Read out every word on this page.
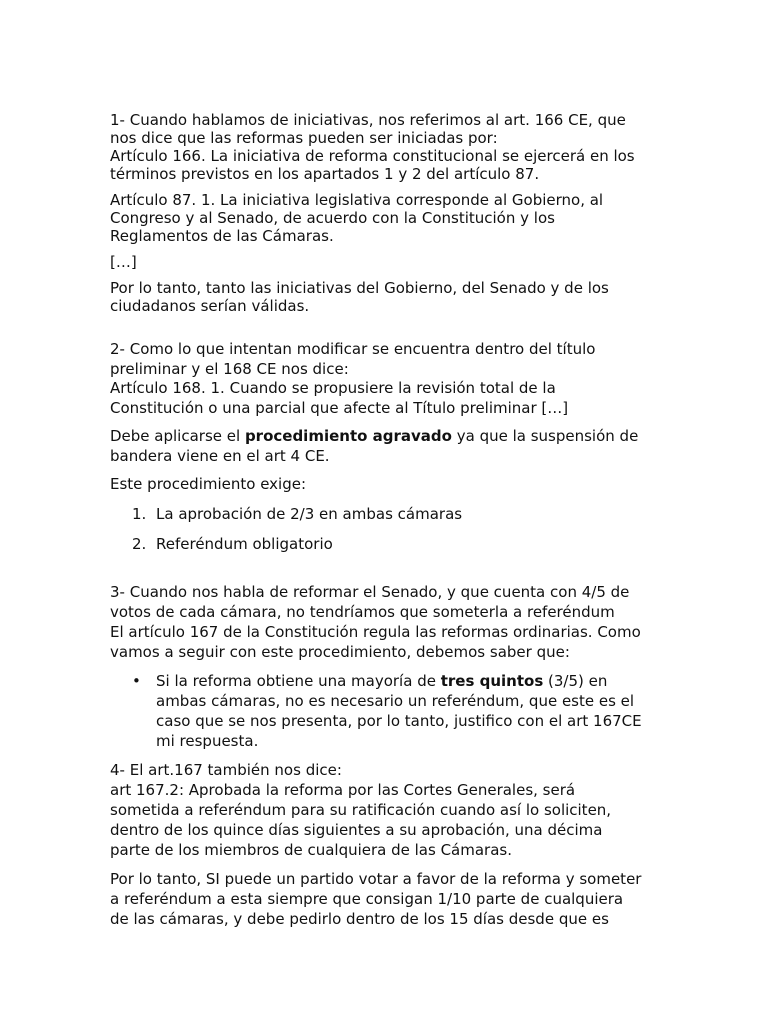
1- Cuando hablamos de iniciativas, nos referimos al art. 166 CE, que
nos dice que las reformas pueden ser iniciadas por:
Artículo 166. La iniciativa de reforma constitucional se ejercerá en los
términos previstos en los apartados 1 y 2 del artículo 87.

Artículo 87. 1. La iniciativa legislativa corresponde al Gobierno, al
Congreso y al Senado, de acuerdo con la Constitución y los
Reglamentos de las Cámaras.

[…]

Por lo tanto, tanto las iniciativas del Gobierno, del Senado y de los
ciudadanos serían válidas.

2- Como lo que intentan modificar se encuentra dentro del título
preliminar y el 168 CE nos dice:
Artículo 168. 1. Cuando se propusiere la revisión total de la
Constitución o una parcial que afecte al Título preliminar […]

Debe aplicarse el procedimiento agravado ya que la suspensión de
bandera viene en el art 4 CE.

Este procedimiento exige:

1. La aprobación de 2/3 en ambas cámaras
2. Referéndum obligatorio

3- Cuando nos habla de reformar el Senado, y que cuenta con 4/5 de
votos de cada cámara, no tendríamos que someterla a referéndum
El artículo 167 de la Constitución regula las reformas ordinarias. Como
vamos a seguir con este procedimiento, debemos saber que:

• Si la reforma obtiene una mayoría de tres quintos (3/5) en
ambas cámaras, no es necesario un referéndum, que este es el
caso que se nos presenta, por lo tanto, justifico con el art 167CE
mi respuesta.

4- El art.167 también nos dice:
art 167.2: Aprobada la reforma por las Cortes Generales, será
sometida a referéndum para su ratificación cuando así lo soliciten,
dentro de los quince días siguientes a su aprobación, una décima
parte de los miembros de cualquiera de las Cámaras.

Por lo tanto, SI puede un partido votar a favor de la reforma y someter
a referéndum a esta siempre que consigan 1/10 parte de cualquiera
de las cámaras, y debe pedirlo dentro de los 15 días desde que es
